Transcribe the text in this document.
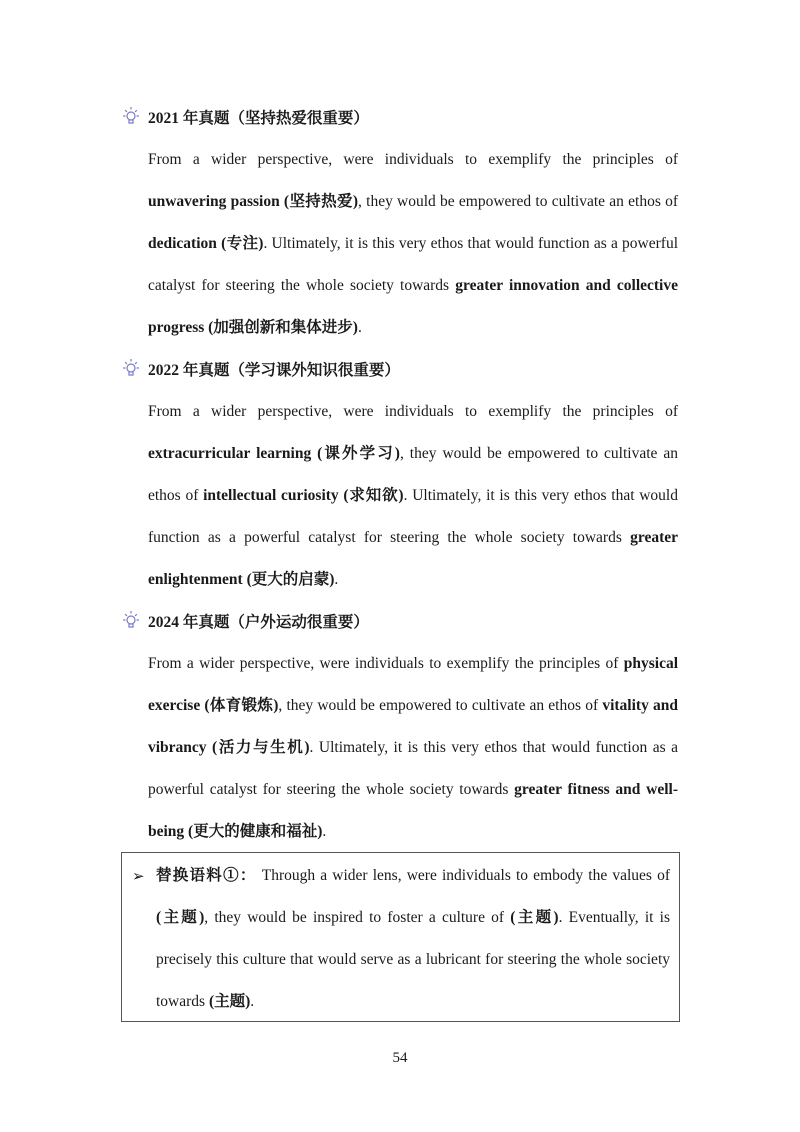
2021 年真题（坚持热爱很重要）
From a wider perspective, were individuals to exemplify the principles of unwavering passion (坚持热爱), they would be empowered to cultivate an ethos of dedication (专注). Ultimately, it is this very ethos that would function as a powerful catalyst for steering the whole society towards greater innovation and collective progress (加强创新和集体进步).
2022 年真题（学习课外知识很重要）
From a wider perspective, were individuals to exemplify the principles of extracurricular learning (课外学习), they would be empowered to cultivate an ethos of intellectual curiosity (求知欲). Ultimately, it is this very ethos that would function as a powerful catalyst for steering the whole society towards greater enlightenment (更大的启蒙).
2024 年真题（户外运动很重要）
From a wider perspective, were individuals to exemplify the principles of physical exercise (体育锻炼), they would be empowered to cultivate an ethos of vitality and vibrancy (活力与生机). Ultimately, it is this very ethos that would function as a powerful catalyst for steering the whole society towards greater fitness and well-being (更大的健康和福祉).
➢ 替换语料①： Through a wider lens, were individuals to embody the values of (主题), they would be inspired to foster a culture of (主题). Eventually, it is precisely this culture that would serve as a lubricant for steering the whole society towards (主题).
54
